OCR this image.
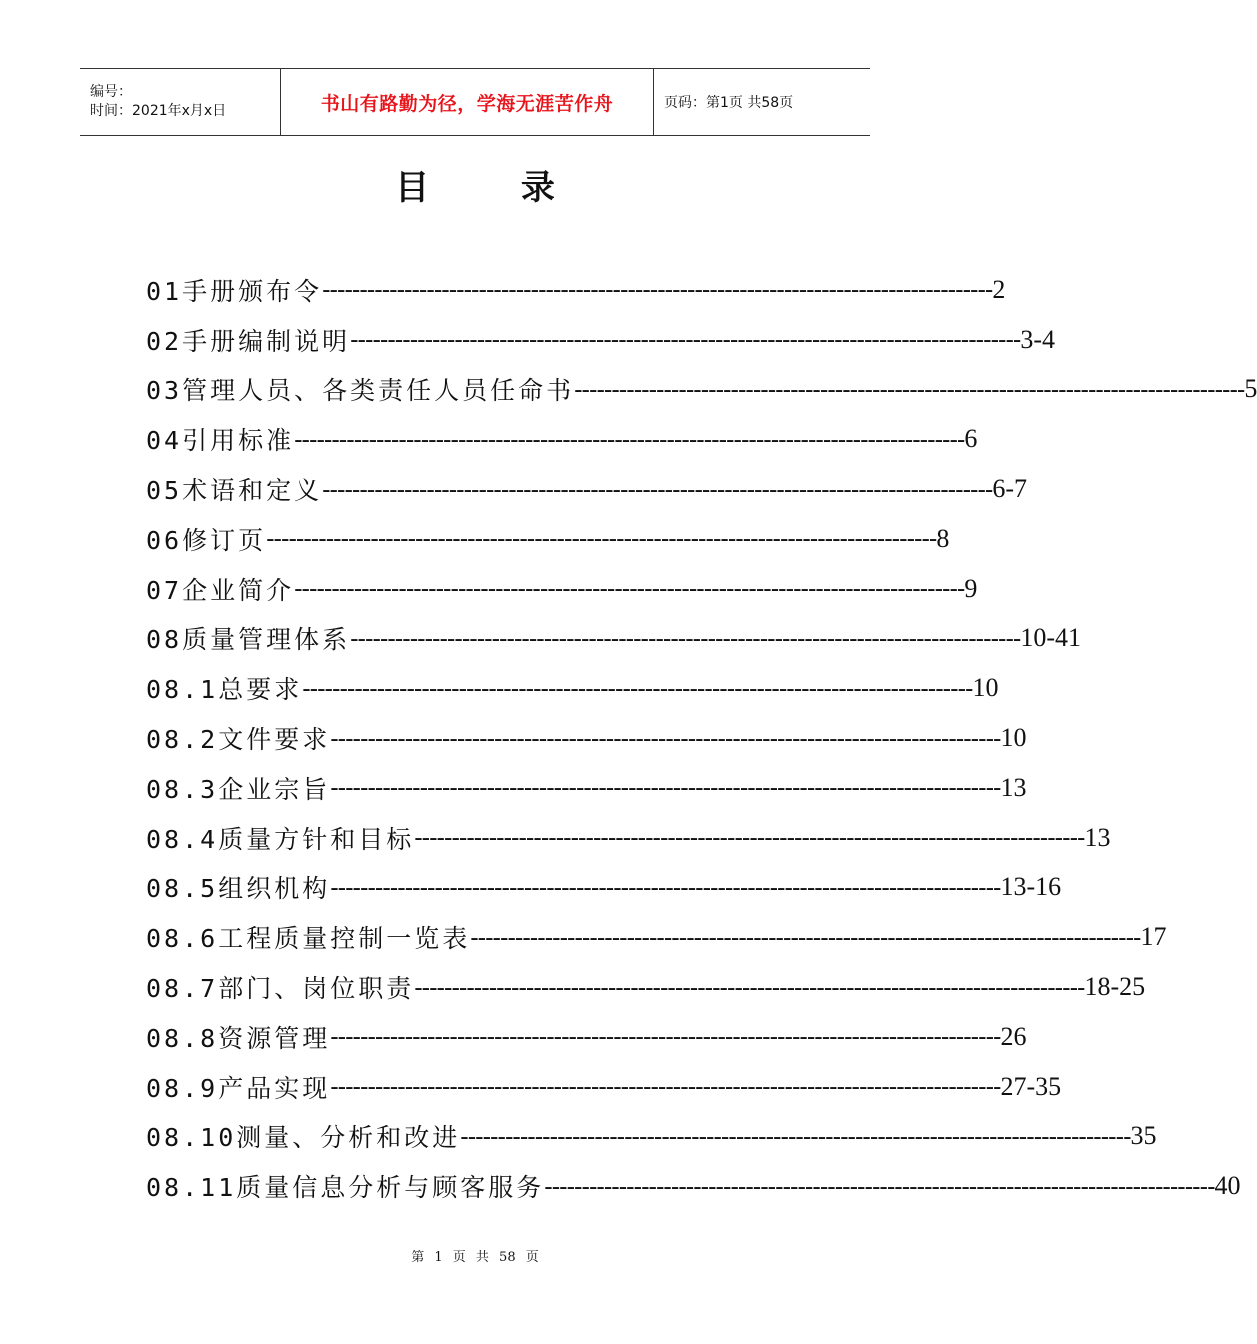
编号：
时间：2021年x月x日	书山有路勤为径，学海无涯苦作舟	页码：第1页 共58页
目 录
01手册颁布令 ------------------------------------------------------------------------------------------ 2
02手册编制说明 ------------------------------------------------------------------------------------------ 3-4
03管理人员、各类责任人员任命书 ------------------------------------------------------------------------------------------ 5
04引用标准 ------------------------------------------------------------------------------------------ 6
05术语和定义 ------------------------------------------------------------------------------------------ 6-7
06修订页 ------------------------------------------------------------------------------------------ 8
07企业简介 ------------------------------------------------------------------------------------------ 9
08质量管理体系 ------------------------------------------------------------------------------------------ 10-41
08.1总要求 ------------------------------------------------------------------------------------------ 10
08.2文件要求 ------------------------------------------------------------------------------------------ 10
08.3企业宗旨 ------------------------------------------------------------------------------------------ 13
08.4质量方针和目标 ------------------------------------------------------------------------------------------ 13
08.5组织机构 ------------------------------------------------------------------------------------------ 13-16
08.6工程质量控制一览表 ------------------------------------------------------------------------------------------ 17
08.7部门、岗位职责 ------------------------------------------------------------------------------------------ 18-25
08.8资源管理 ------------------------------------------------------------------------------------------ 26
08.9产品实现 ------------------------------------------------------------------------------------------ 27-35
08.10测量、分析和改进 ------------------------------------------------------------------------------------------ 35
08.11质量信息分析与顾客服务 ------------------------------------------------------------------------------------------ 40
第 1 页 共 58 页
